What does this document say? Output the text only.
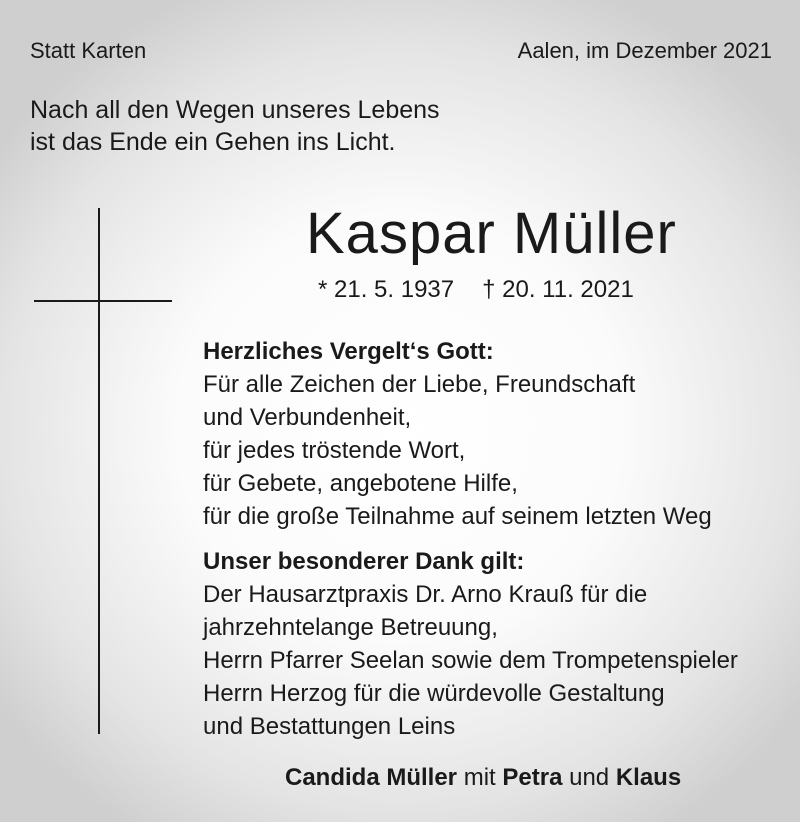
Statt Karten	Aalen, im Dezember 2021
Nach all den Wegen unseres Lebens
ist das Ende ein Gehen ins Licht.
Kaspar Müller
* 21. 5. 1937 † 20. 11. 2021
Herzliches Vergelt‘s Gott:
Für alle Zeichen der Liebe, Freundschaft
und Verbundenheit,
für jedes tröstende Wort,
für Gebete, angebotene Hilfe,
für die große Teilnahme auf seinem letzten Weg
Unser besonderer Dank gilt:
Der Hausarztpraxis Dr. Arno Krauß für die
jahrzehntelange Betreuung,
Herrn Pfarrer Seelan sowie dem Trompetenspieler
Herrn Herzog für die würdevolle Gestaltung
und Bestattungen Leins
Candida Müller mit Petra und Klaus
